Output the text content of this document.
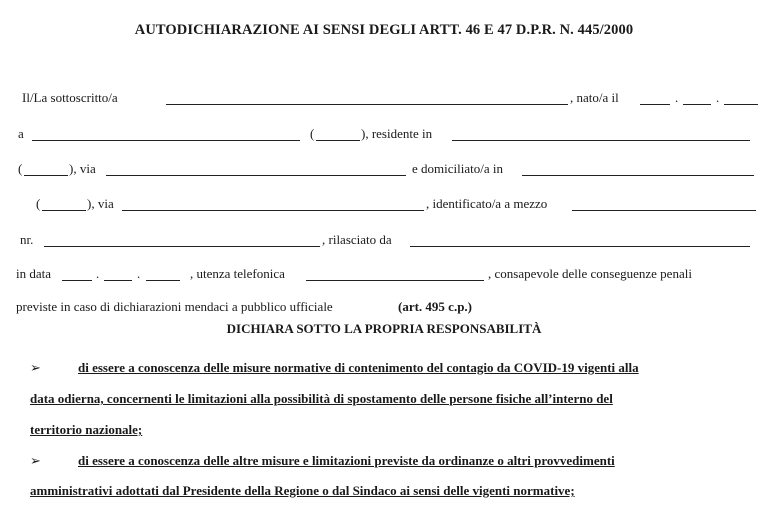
AUTODICHIARAZIONE AI SENSI DEGLI ARTT. 46 E 47 D.P.R. N. 445/2000
Il/La sottoscritto/a	, nato/a il	.	.
a	(	), residente in
(	), via	e domiciliato/a in
(	), via	, identificato/a a mezzo
nr.	, rilasciato da
in data	.	.	, utenza telefonica	, consapevole delle conseguenze penali
previste in caso di dichiarazioni mendaci a pubblico ufficiale	(art. 495 c.p.)
DICHIARA SOTTO LA PROPRIA RESPONSABILITÀ
➢	di essere a conoscenza delle misure normative di contenimento del contagio da COVID-19 vigenti alla
data odierna, concernenti le limitazioni alla possibilità di spostamento delle persone fisiche all’interno del
territorio nazionale;
➢	di essere a conoscenza delle altre misure e limitazioni previste da ordinanze o altri provvedimenti
amministrativi adottati dal Presidente della Regione o dal Sindaco ai sensi delle vigenti normative;
